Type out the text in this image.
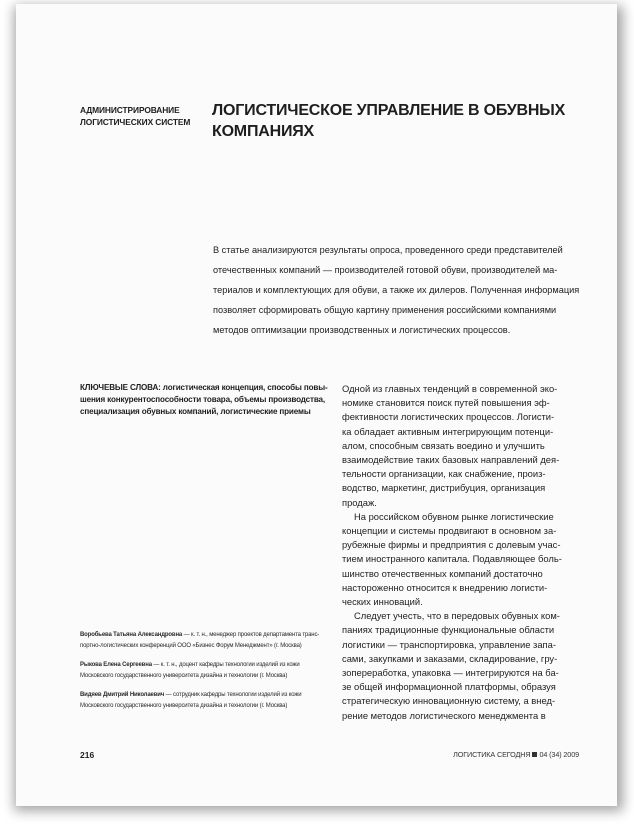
АДМИНИСТРИРОВАНИЕ
ЛОГИСТИЧЕСКИХ СИСТЕМ
ЛОГИСТИЧЕСКОЕ УПРАВЛЕНИЕ В ОБУВНЫХ
КОМПАНИЯХ
В статье анализируются результаты опроса, проведенного среди представителей
отечественных компаний — производителей готовой обуви, производителей ма-
териалов и комплектующих для обуви, а также их дилеров. Полученная информация
позволяет сформировать общую картину применения российскими компаниями
методов оптимизации производственных и логистических процессов.
КЛЮЧЕВЫЕ СЛОВА: логистическая концепция, способы повы-
шения конкурентоспособности товара, объемы производства,
специализация обувных компаний, логистические приемы
Одной из главных тенденций в современной эко-
номике становится поиск путей повышения эф-
фективности логистических процессов. Логисти-
ка обладает активным интегрирующим потенци-
алом, способным связать воедино и улучшить
взаимодействие таких базовых направлений дея-
тельности организации, как снабжение, произ-
водство, маркетинг, дистрибуция, организация
продаж.
На российском обувном рынке логистические
концепции и системы продвигают в основном за-
рубежные фирмы и предприятия с долевым учас-
тием иностранного капитала. Подавляющее боль-
шинство отечественных компаний достаточно
настороженно относится к внедрению логисти-
ческих инноваций.
Следует учесть, что в передовых обувных ком-
паниях традиционные функциональные области
логистики — транспортировка, управление запа-
сами, закупками и заказами, складирование, гру-
зопереработка, упаковка — интегрируются на ба-
зе общей информационной платформы, образуя
стратегическую инновационную систему, а внед-
рение методов логистического менеджмента в
Воробьева Татьяна Александровна — к. т. н., менеджер проектов департамента транс-
портно-логистических конференций ООО «Бизнес Форум Менеджмент» (г. Москва)
Рыкова Елена Сергеевна — к. т. н., доцент кафедры технологии изделий из кожи
Московского государственного университета дизайна и технологии (г. Москва)
Видяев Дмитрий Николаевич — сотрудник кафедры технологии изделий из кожи
Московского государственного университета дизайна и технологии (г. Москва)
216	ЛОГИСТИКА СЕГОДНЯ 04 (34) 2009
